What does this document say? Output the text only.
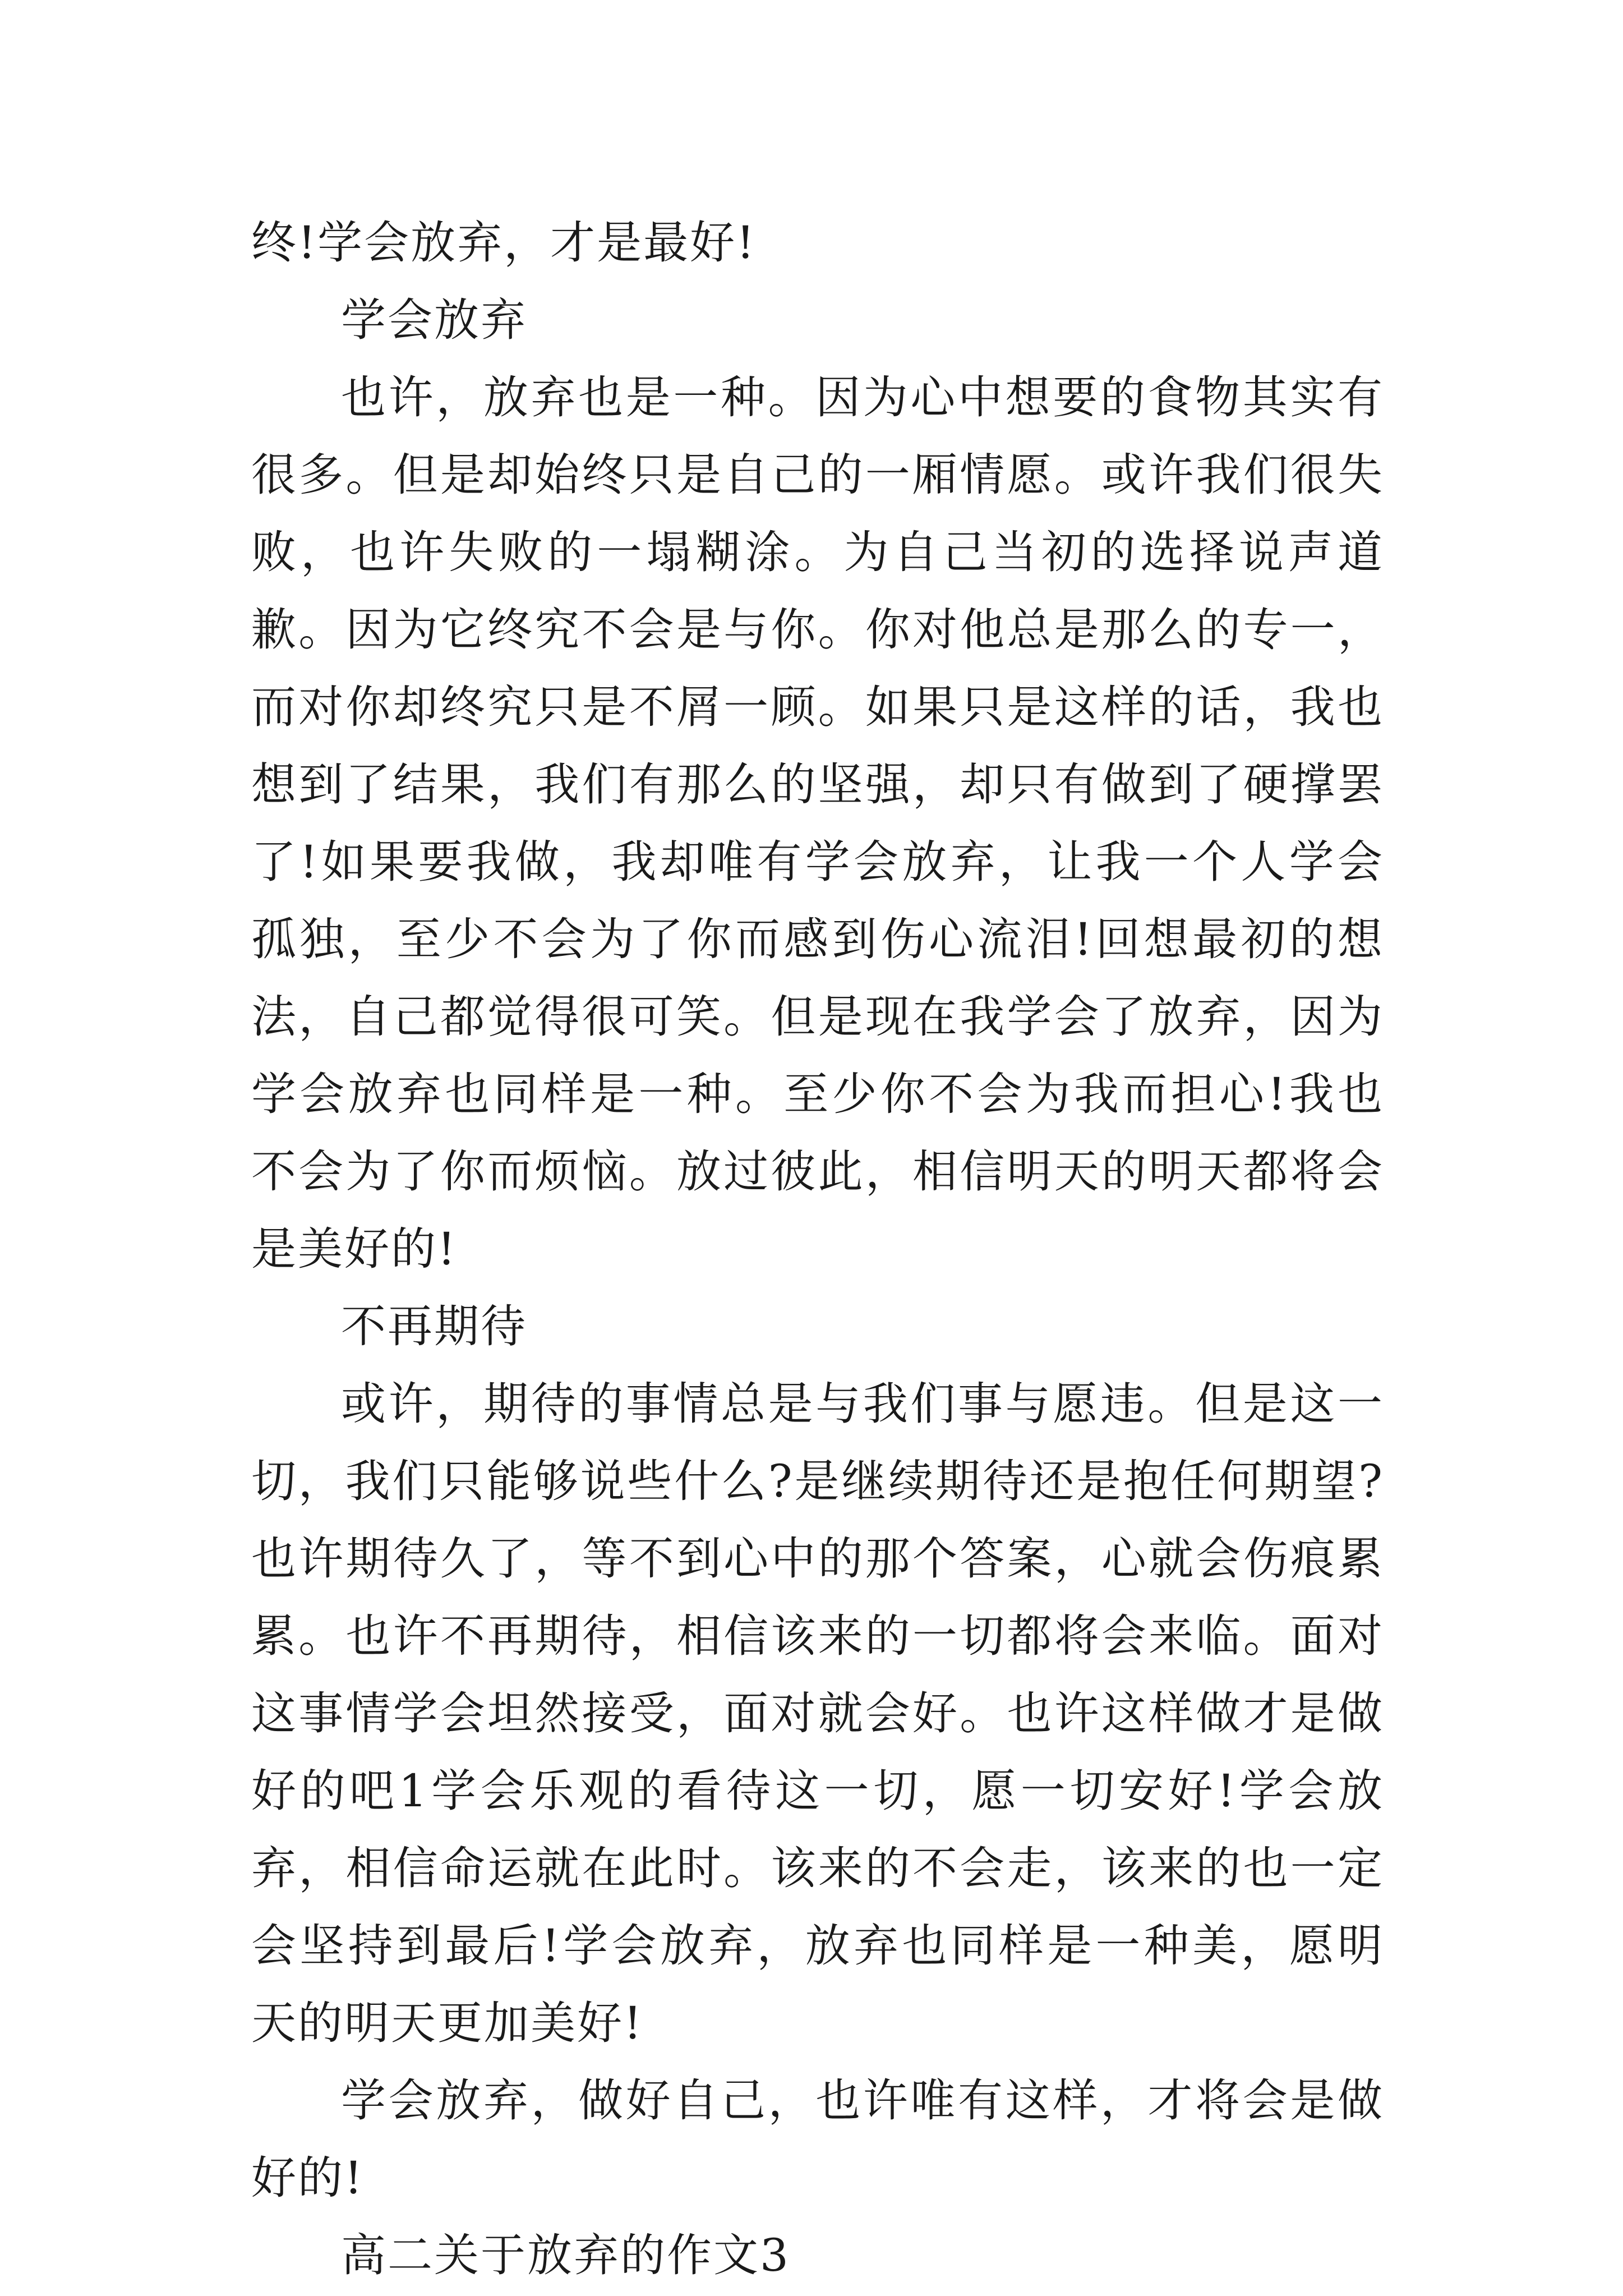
终!学会放弃，才是最好!

学会放弃

也许，放弃也是一种。因为心中想要的食物其实有很多。但是却始终只是自己的一厢情愿。或许我们很失败，也许失败的一塌糊涂。为自己当初的选择说声道歉。因为它终究不会是与你。你对他总是那么的专一，而对你却终究只是不屑一顾。如果只是这样的话，我也想到了结果，我们有那么的坚强，却只有做到了硬撑罢了!如果要我做，我却唯有学会放弃，让我一个人学会孤独，至少不会为了你而感到伤心流泪!回想最初的想法，自己都觉得很可笑。但是现在我学会了放弃，因为学会放弃也同样是一种。至少你不会为我而担心!我也不会为了你而烦恼。放过彼此，相信明天的明天都将会是美好的!

不再期待

或许，期待的事情总是与我们事与愿违。但是这一切，我们只能够说些什么?是继续期待还是抱任何期望?也许期待久了，等不到心中的那个答案，心就会伤痕累累。也许不再期待，相信该来的一切都将会来临。面对这事情学会坦然接受，面对就会好。也许这样做才是做好的吧1学会乐观的看待这一切，愿一切安好!学会放弃，相信命运就在此时。该来的不会走，该来的也一定会坚持到最后!学会放弃，放弃也同样是一种美，愿明天的明天更加美好!

学会放弃，做好自己，也许唯有这样，才将会是做好的!

高二关于放弃的作文3
